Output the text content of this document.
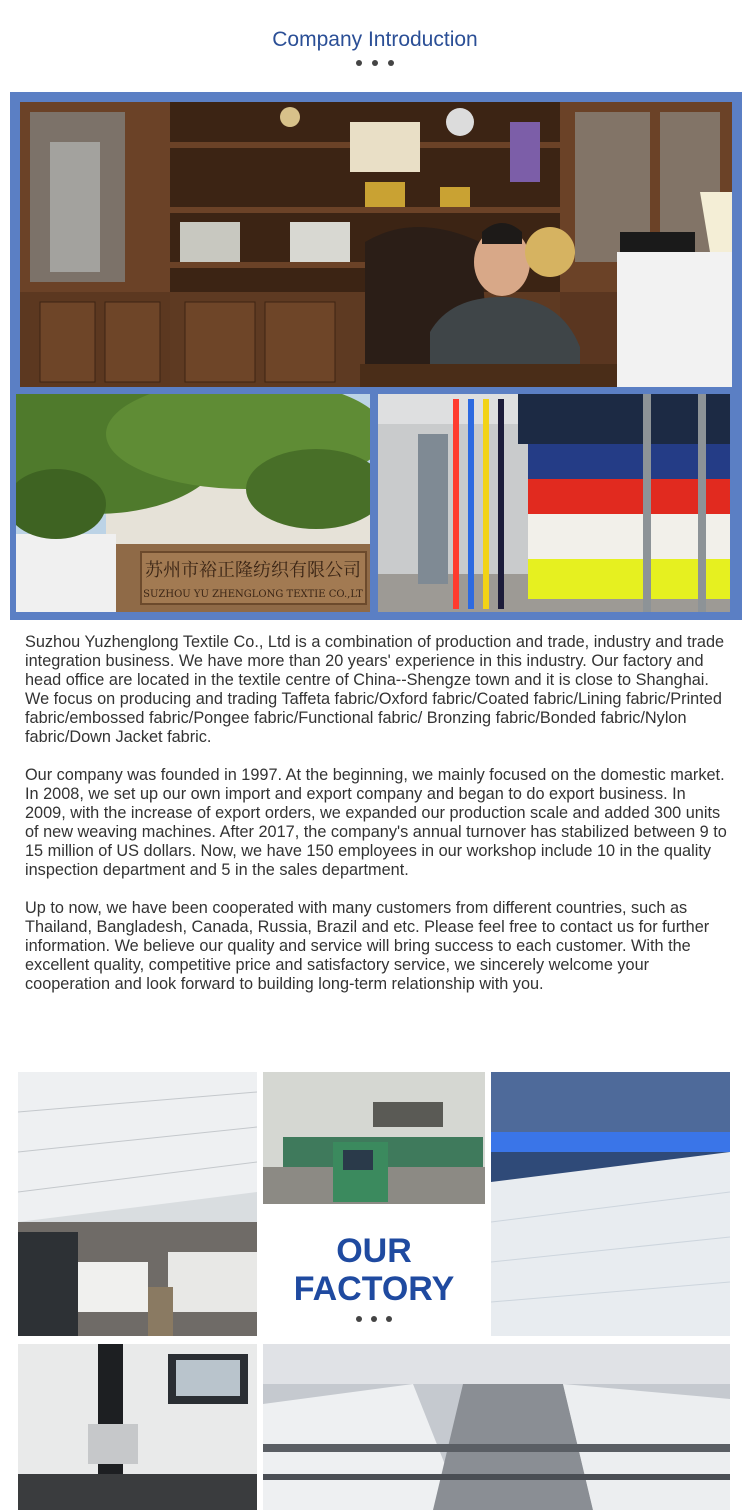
Company Introduction
苏州市裕正隆纺织有限公司
SUZHOU YU ZHENGLONG TEXTIE CO.,LT

Suzhou Yuzhenglong Textile Co., Ltd is a combination of production and trade, industry and trade integration business. We have more than 20 years' experience in this industry. Our factory and head office are located in the textile centre of China--Shengze town and it is close to Shanghai. We focus on producing and trading Taffeta fabric/Oxford fabric/Coated fabric/Lining fabric/Printed fabric/embossed fabric/Pongee fabric/Functional fabric/ Bronzing fabric/Bonded fabric/Nylon fabric/Down Jacket fabric.

Our company was founded in 1997. At the beginning, we mainly focused on the domestic market. In 2008, we set up our own import and export company and began to do export business. In 2009, with the increase of export orders, we expanded our production scale and added 300 units of new weaving machines. After 2017, the company's annual turnover has stabilized between 9 to 15 million of US dollars. Now, we have 150 employees in our workshop include 10 in the quality inspection department and 5 in the sales department.

Up to now, we have been cooperated with many customers from different countries, such as Thailand, Bangladesh, Canada, Russia, Brazil and etc. Please feel free to contact us for further information. We believe our quality and service will bring success to each customer. With the excellent quality, competitive price and satisfactory service, we sincerely welcome your cooperation and look forward to building long-term relationship with you.

OUR
FACTORY
